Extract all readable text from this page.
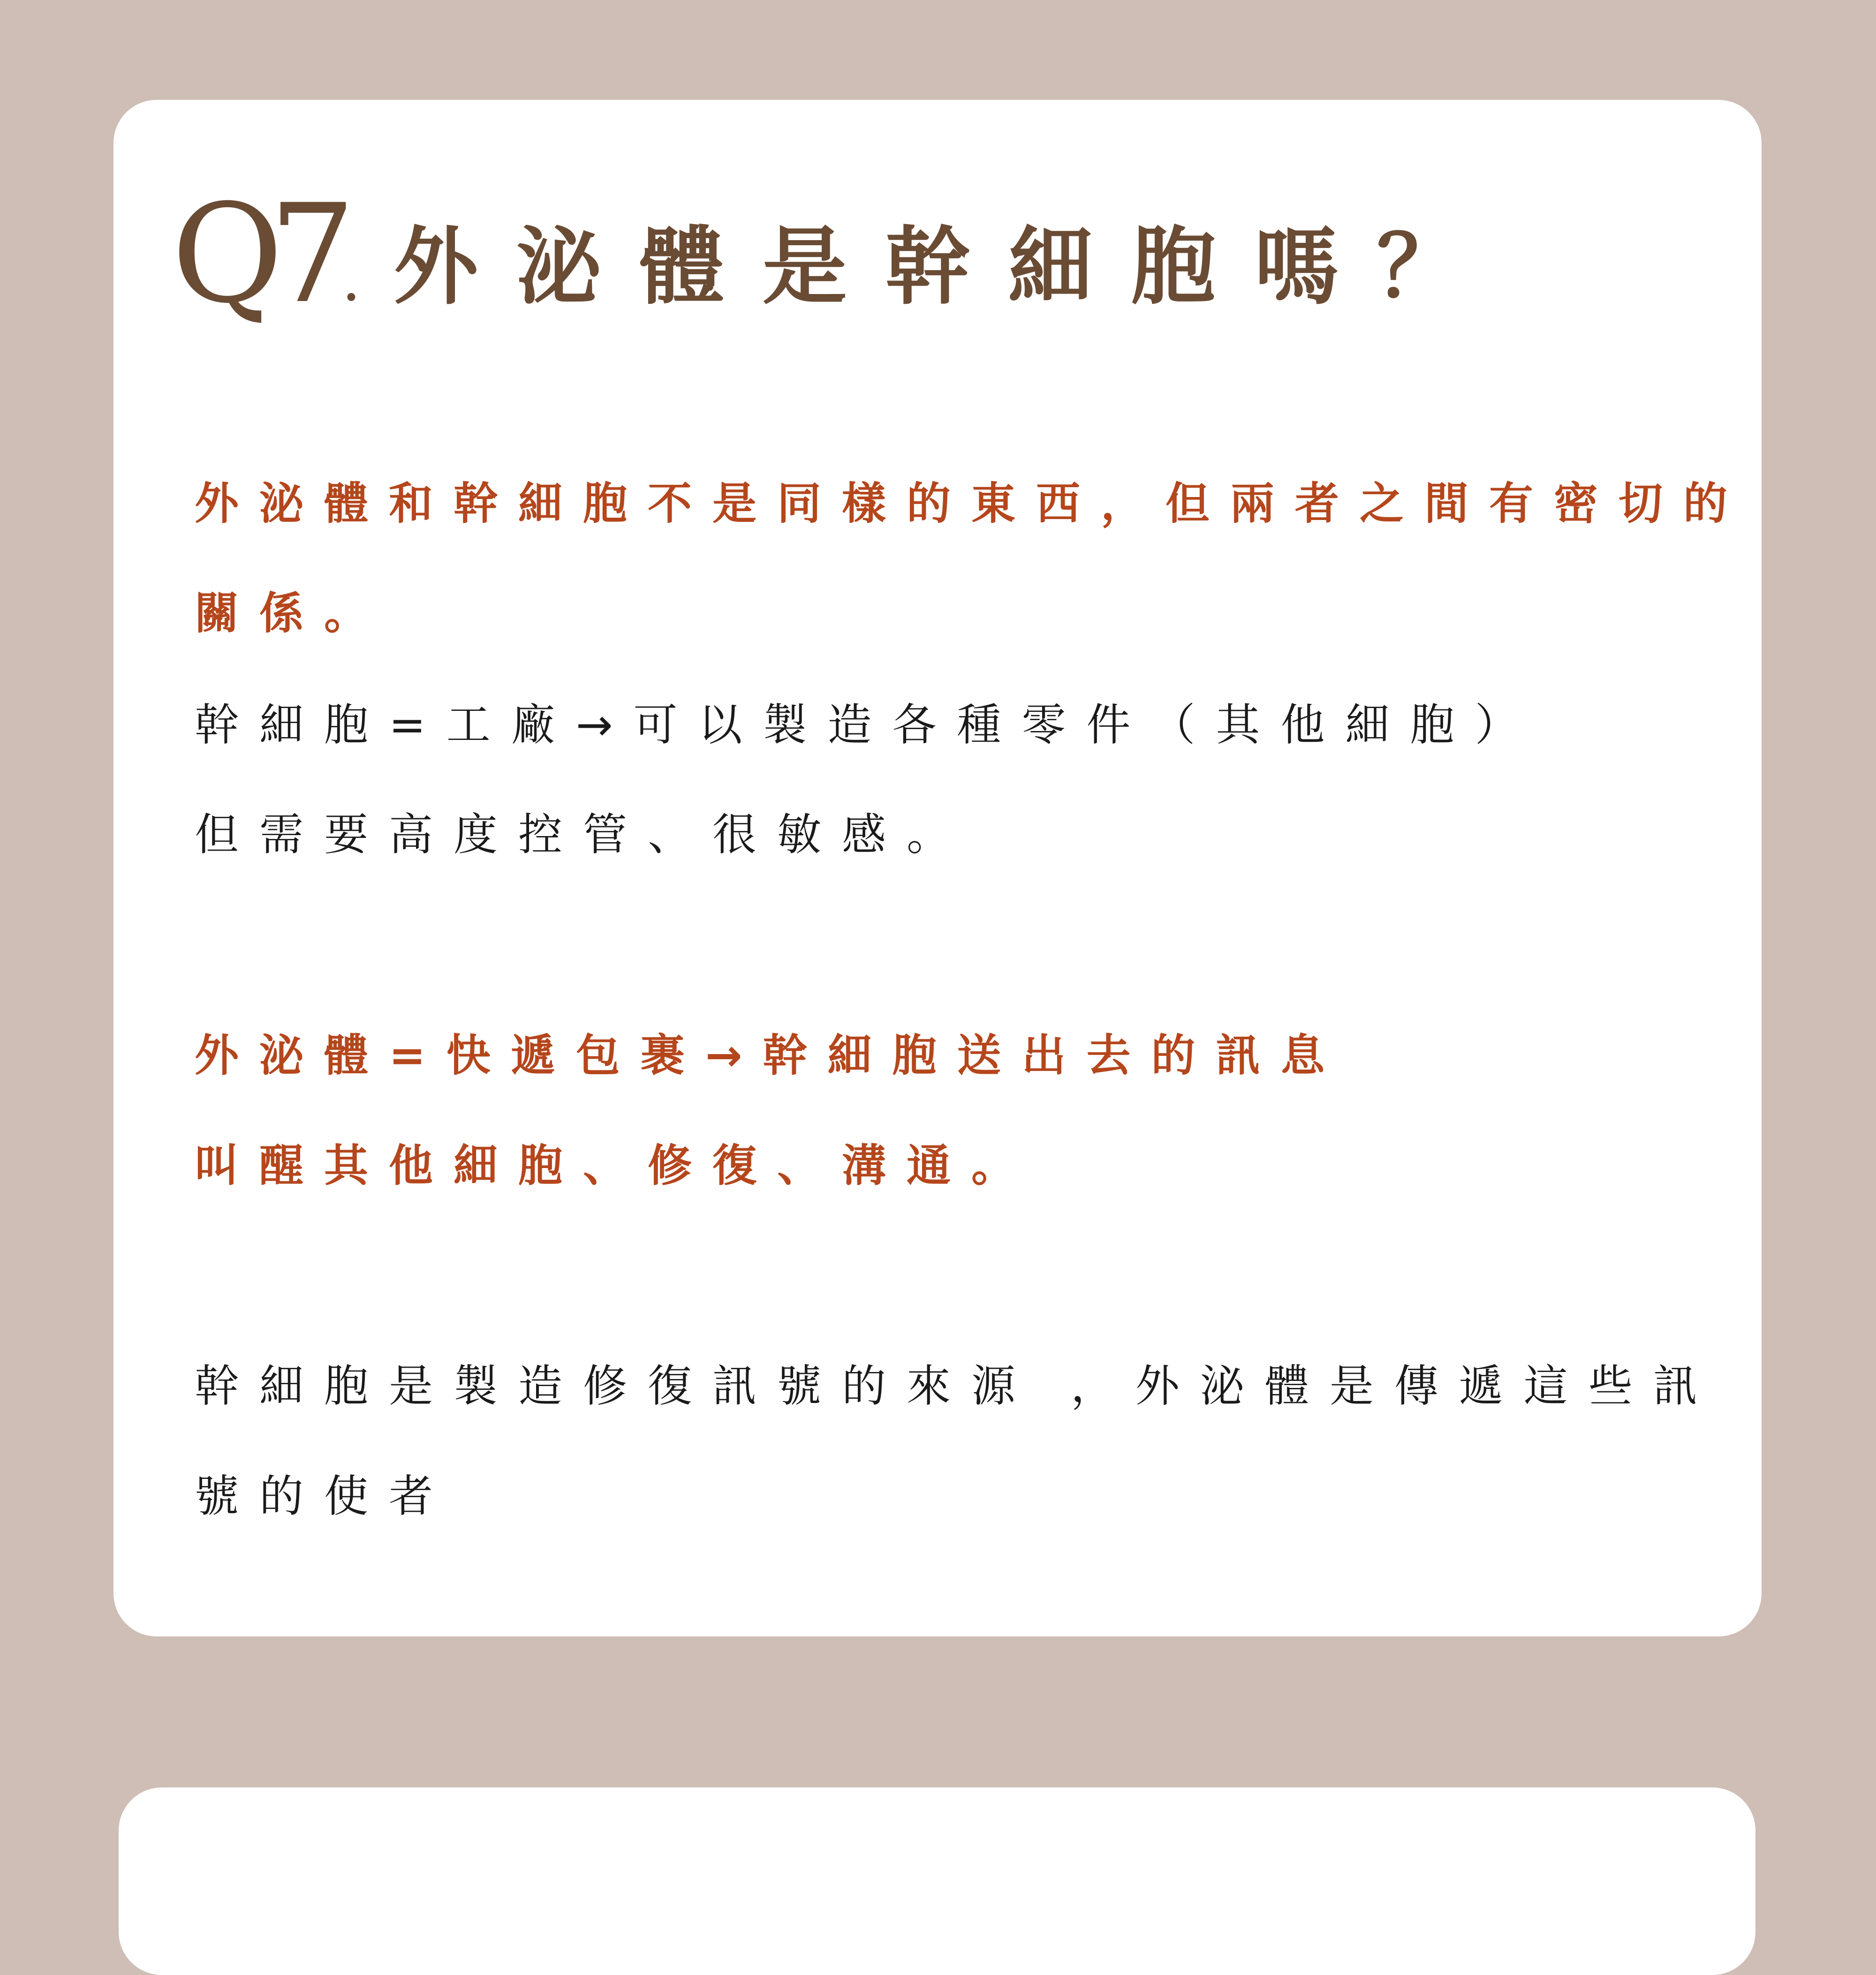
Q7 . 外泌體是幹細胞嗎？

外泌體和幹細胞不是同樣的東西，但兩者之間有密切的

關係。

幹細胞=工廠→可以製造各種零件（其他細胞）

但需要高度控管、很敏感。

外泌體=快遞包裹→幹細胞送出去的訊息

叫醒其他細胞、修復、溝通。

幹細胞是製造修復訊號的來源 ，外泌體是傳遞這些訊

號的使者
